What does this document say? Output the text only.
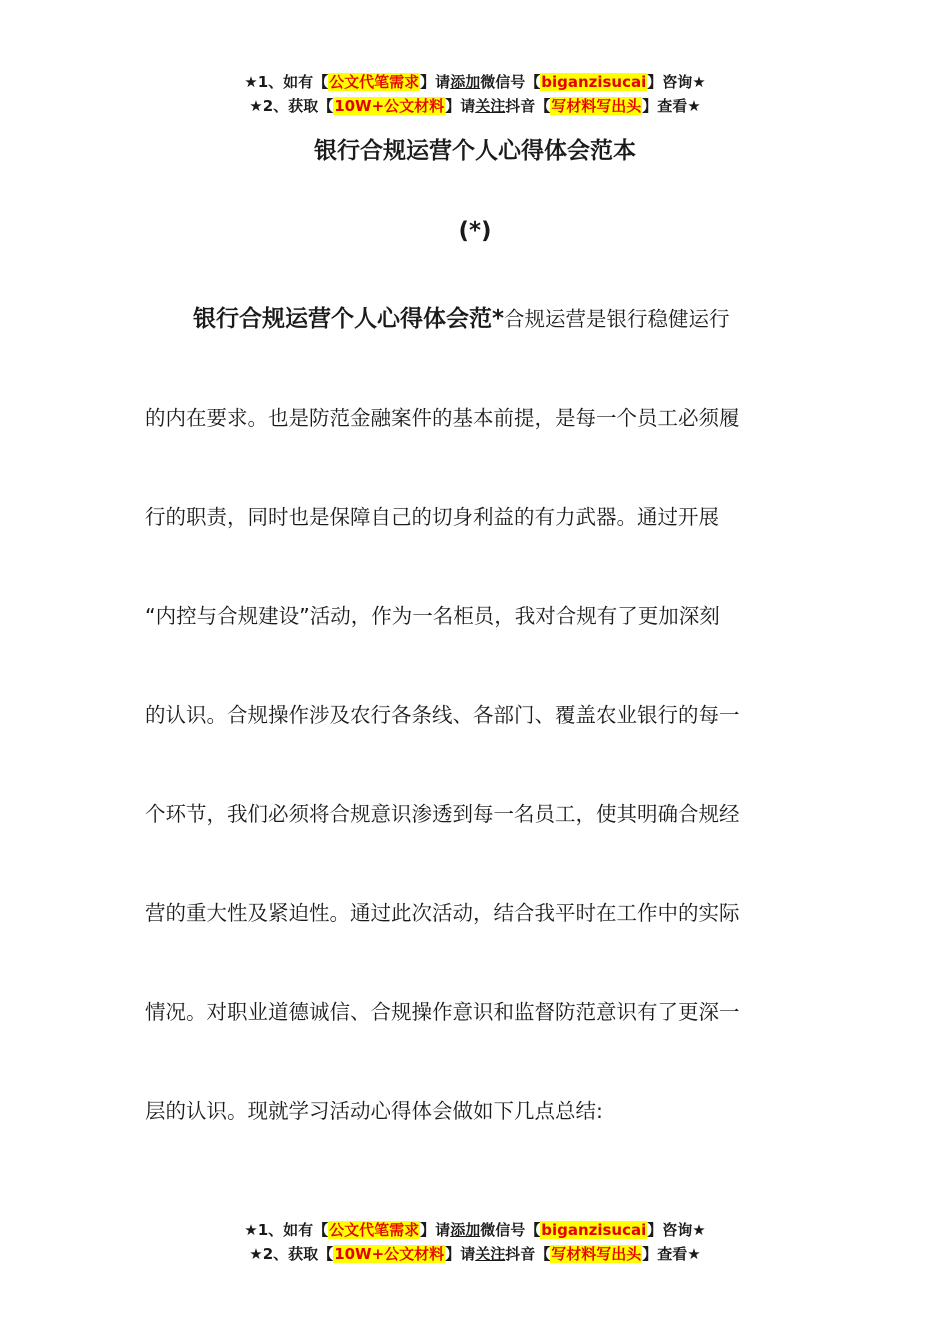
★1、如有【公文代笔需求】请添加微信号【biganzisucai】咨询★
★2、获取【10W+公文材料】请关注抖音【写材料写出头】查看★
银行合规运营个人心得体会范本
(*)
银行合规运营个人心得体会范*合规运营是银行稳健运行
的内在要求。也是防范金融案件的基本前提，是每一个员工必须履
行的职责，同时也是保障自己的切身利益的有力武器。通过开展
“内控与合规建设”活动，作为一名柜员，我对合规有了更加深刻
的认识。合规操作涉及农行各条线、各部门、覆盖农业银行的每一
个环节，我们必须将合规意识渗透到每一名员工，使其明确合规经
营的重大性及紧迫性。通过此次活动，结合我平时在工作中的实际
情况。对职业道德诚信、合规操作意识和监督防范意识有了更深一
层的认识。现就学习活动心得体会做如下几点总结:
★1、如有【公文代笔需求】请添加微信号【biganzisucai】咨询★
★2、获取【10W+公文材料】请关注抖音【写材料写出头】查看★
